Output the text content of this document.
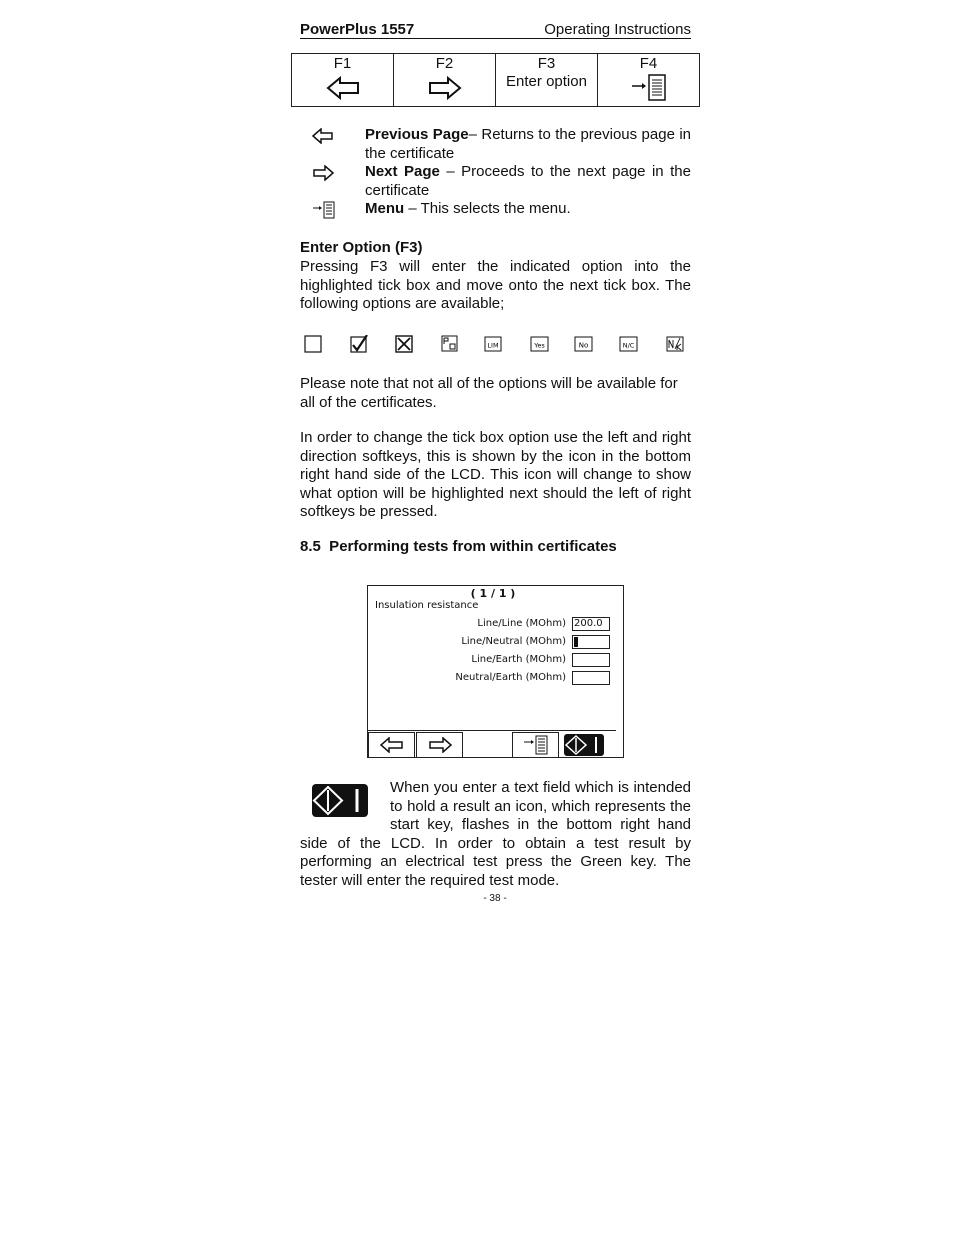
PowerPlus 1557	Operating Instructions
F1	F2	F3	F4
		Enter option	
Previous Page– Returns to the previous page in the certificate
Next Page – Proceeds to the next page in the certificate
Menu – This selects the menu.
Enter Option (F3)
Pressing F3 will enter the indicated option into the highlighted tick box and move onto the next tick box. The following options are available;
LIM	Yes	No	N/C
Please note that not all of the options will be available for all of the certificates.
In order to change the tick box option use the left and right direction softkeys, this is shown by the icon in the bottom right hand side of the LCD. This icon will change to show what option will be highlighted next should the left of right softkeys be pressed.
8.5  Performing tests from within certificates
( 1 / 1 )
Insulation resistance
Line/Line (MOhm) 200.0
Line/Neutral (MOhm)
Line/Earth (MOhm)
Neutral/Earth (MOhm)
When you enter a text field which is intended to hold a result an icon, which represents the start key, flashes in the bottom right hand side of the LCD. In order to obtain a test result by performing an electrical test press the Green key. The tester will enter the required test mode.
- 38 -
